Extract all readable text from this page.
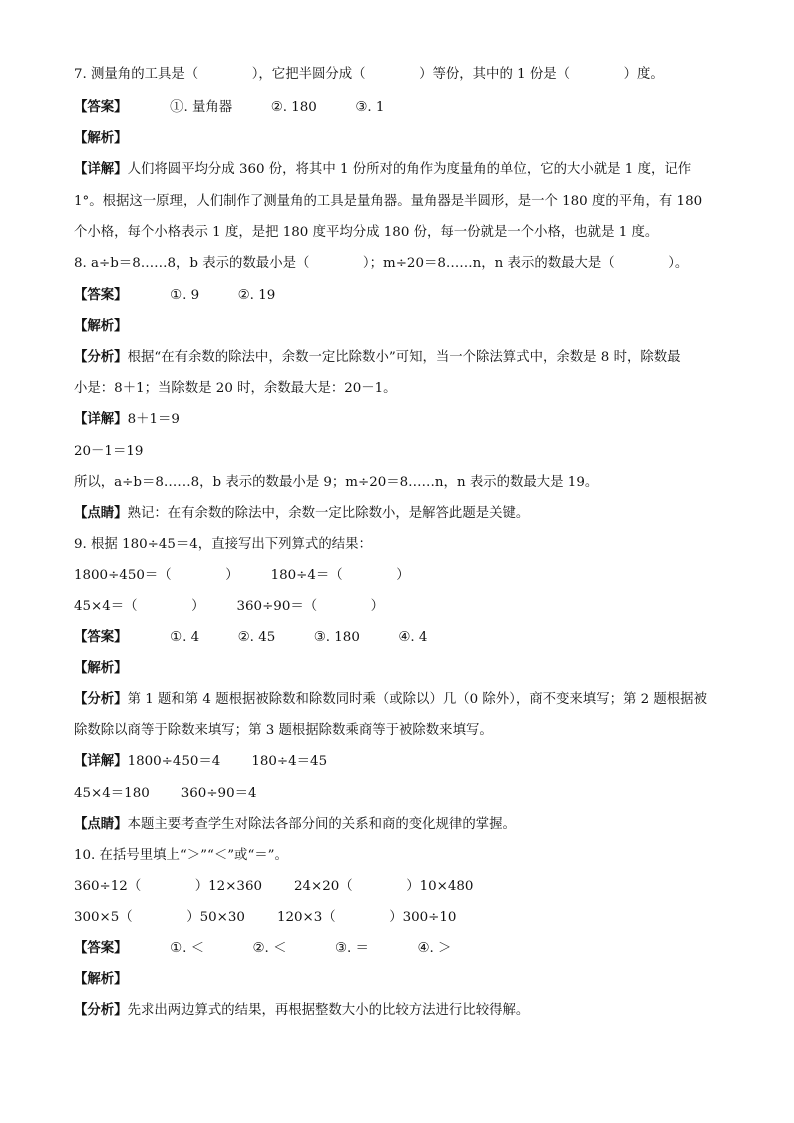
7. 测量角的工具是（　　　　），它把半圆分成（　　　　）等份，其中的 1 份是（　　　　）度。
【答案】	①. 量角器	②. 180	③. 1
【解析】
【详解】人们将圆平均分成 360 份，将其中 1 份所对的角作为度量角的单位，它的大小就是 1 度，记作
1°。根据这一原理，人们制作了测量角的工具是量角器。量角器是半圆形，是一个 180 度的平角，有 180
个小格，每个小格表示 1 度，是把 180 度平均分成 180 份，每一份就是一个小格，也就是 1 度。
8. a÷b＝8……8，b 表示的数最小是（　　　　）；m÷20＝8……n，n 表示的数最大是（　　　　）。
【答案】	①. 9	②. 19
【解析】
【分析】根据“在有余数的除法中，余数一定比除数小”可知，当一个除法算式中，余数是 8 时，除数最
小是：8＋1；当除数是 20 时，余数最大是：20－1。
【详解】8＋1＝9
20－1＝19
所以，a÷b＝8……8，b 表示的数最小是 9；m÷20＝8……n，n 表示的数最大是 19。
【点睛】熟记：在有余数的除法中，余数一定比除数小，是解答此题是关键。
9. 根据 180÷45＝4，直接写出下列算式的结果：
1800÷450＝（　　　　） 180÷4＝（　　　　）
45×4＝（　　　　） 360÷90＝（　　　　）
【答案】	①. 4	②. 45	③. 180	④. 4
【解析】
【分析】第 1 题和第 4 题根据被除数和除数同时乘（或除以）几（0 除外），商不变来填写；第 2 题根据被
除数除以商等于除数来填写；第 3 题根据除数乘商等于被除数来填写。
【详解】1800÷450＝4　　 180÷4＝45
45×4＝180　　 360÷90＝4
【点睛】本题主要考查学生对除法各部分间的关系和商的变化规律的掌握。
10. 在括号里填上“＞”“＜”或“＝”。
360÷12（　　　　）12×360 24×20（　　　　）10×480
300×5（　　　　）50×30 120×3（　　　　）300÷10
【答案】	①. ＜	②. ＜	③. ＝	④. ＞
【解析】
【分析】先求出两边算式的结果，再根据整数大小的比较方法进行比较得解。
